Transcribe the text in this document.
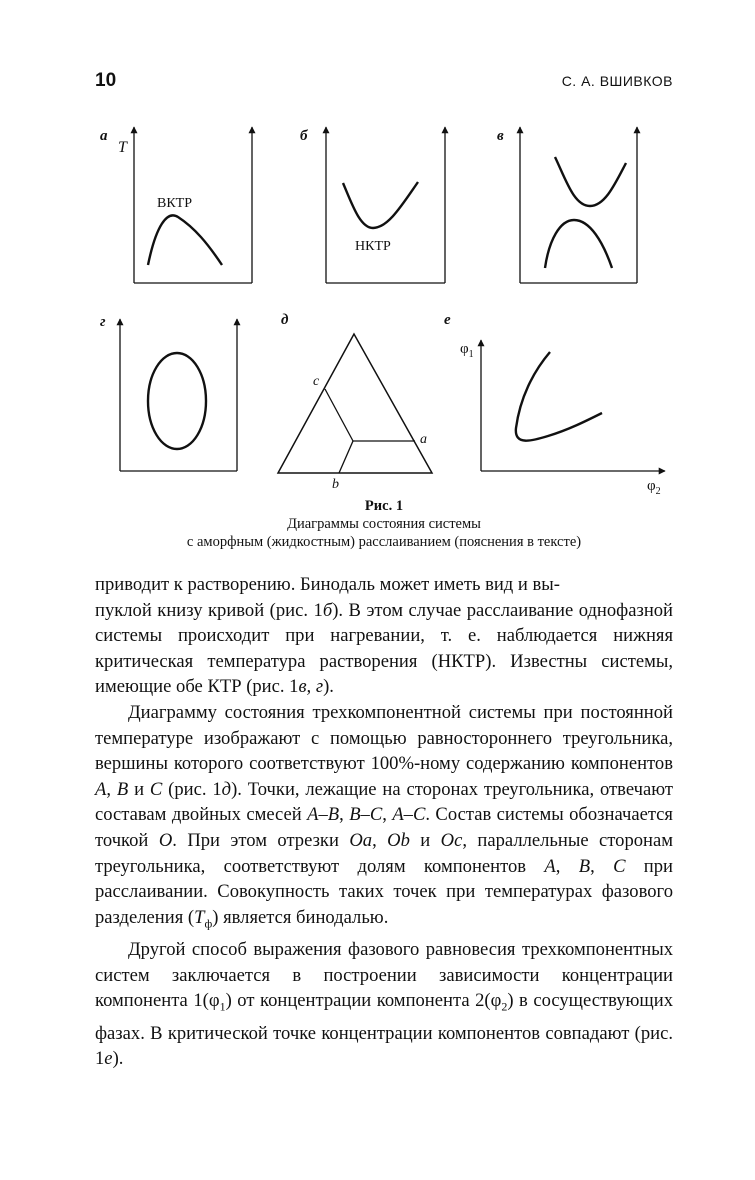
10	С. А. ВШИВКОВ
а
T
ВКТР
б
НКТР
в
г	д
c
a
b
е
$\varphi_1$
$\varphi_2$
Рис. 1
Диаграммы состояния системы
с аморфным (жидкостным) расслаиванием (пояснения в тексте)

приводит к растворению. Бинодаль может иметь вид и вы-
пуклой книзу кривой (рис. 1б). В этом случае расслаивание однофазной системы происходит при нагревании, т. е. наблюдается нижняя критическая температура растворения (НКТР). Известны системы, имеющие обе КТР (рис. 1в, г).

Диаграмму состояния трехкомпонентной системы при постоянной температуре изображают с помощью равностороннего треугольника, вершины которого соответствуют 100%-ному содержанию компонентов A, B и C (рис. 1д). Точки, лежащие на сторонах треугольника, отвечают составам двойных смесей A–B, B–C, A–C. Состав системы обозначается точкой O. При этом отрезки Oa, Ob и Oc, параллельные сторонам треугольника, соответствуют долям компонентов A, B, C при расслаивании. Совокупность таких точек при температурах фазового разделения $(T_ф)$ является бинодалью.

Другой способ выражения фазового равновесия трехкомпонентных систем заключается в построении зависимости концентрации компонента $1(\varphi_1)$ от концентрации компонента $2(\varphi_2)$ в сосуществующих фазах. В критической точке концентрации компонентов совпадают (рис. 1е).
